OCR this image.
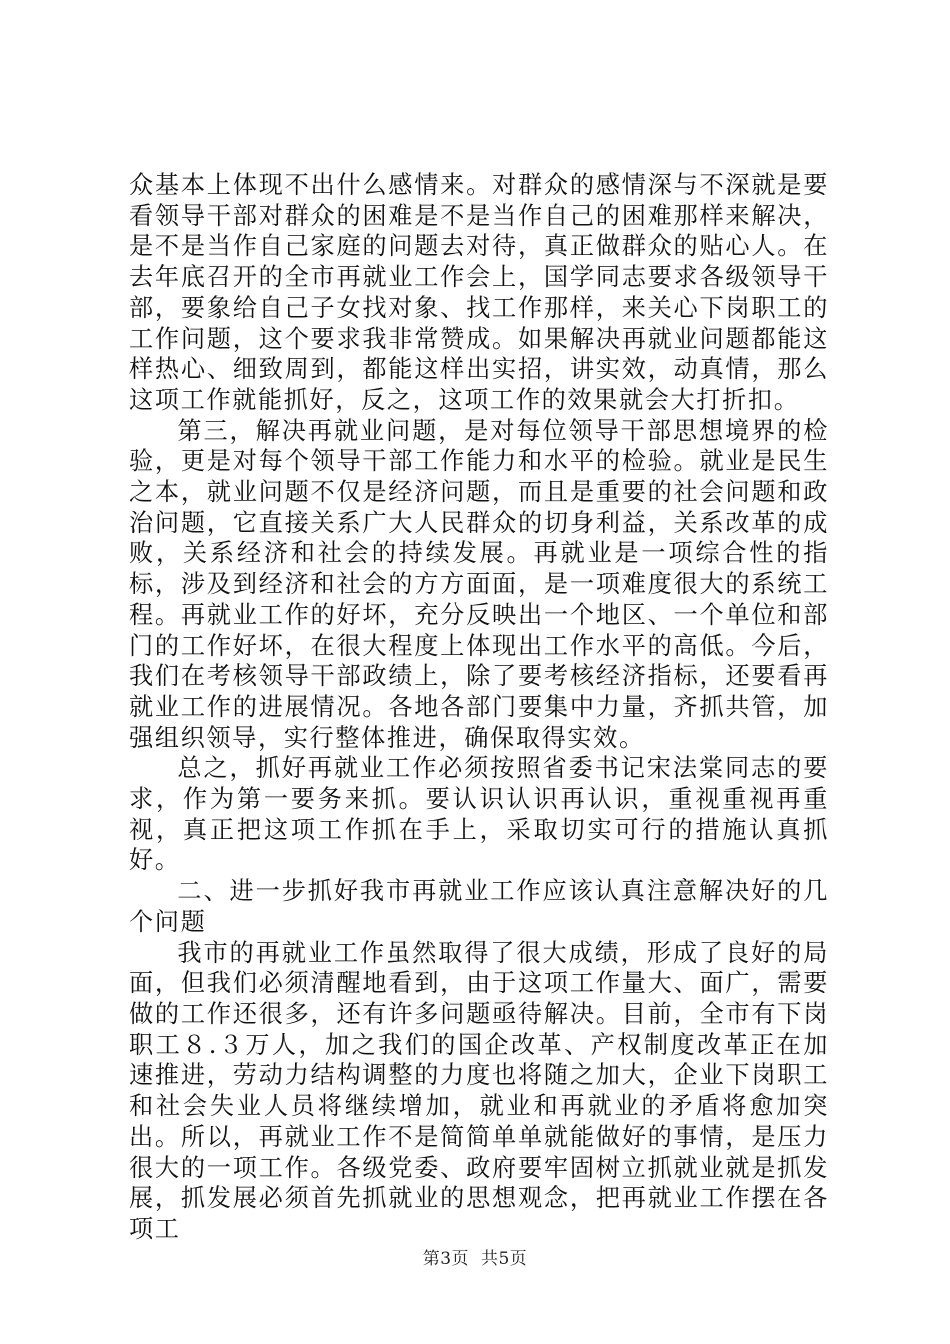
众基本上体现不出什么感情来。对群众的感情深与不深就是要看领导干部对群众的困难是不是当作自己的困难那样来解决，是不是当作自己家庭的问题去对待，真正做群众的贴心人。在去年底召开的全市再就业工作会上，国学同志要求各级领导干部，要象给自己子女找对象、找工作那样，来关心下岗职工的工作问题，这个要求我非常赞成。如果解决再就业问题都能这样热心、细致周到，都能这样出实招，讲实效，动真情，那么这项工作就能抓好，反之，这项工作的效果就会大打折扣。

第三，解决再就业问题，是对每位领导干部思想境界的检验，更是对每个领导干部工作能力和水平的检验。就业是民生之本，就业问题不仅是经济问题，而且是重要的社会问题和政治问题，它直接关系广大人民群众的切身利益，关系改革的成败，关系经济和社会的持续发展。再就业是一项综合性的指标，涉及到经济和社会的方方面面，是一项难度很大的系统工程。再就业工作的好坏，充分反映出一个地区、一个单位和部门的工作好坏，在很大程度上体现出工作水平的高低。今后，我们在考核领导干部政绩上，除了要考核经济指标，还要看再就业工作的进展情况。各地各部门要集中力量，齐抓共管，加强组织领导，实行整体推进，确保取得实效。

总之，抓好再就业工作必须按照省委书记宋法棠同志的要求，作为第一要务来抓。要认识认识再认识，重视重视再重视，真正把这项工作抓在手上，采取切实可行的措施认真抓好。

二、进一步抓好我市再就业工作应该认真注意解决好的几个问题

我市的再就业工作虽然取得了很大成绩，形成了良好的局面，但我们必须清醒地看到，由于这项工作量大、面广，需要做的工作还很多，还有许多问题亟待解决。目前，全市有下岗职工８.３万人，加之我们的国企改革、产权制度改革正在加速推进，劳动力结构调整的力度也将随之加大，企业下岗职工和社会失业人员将继续增加，就业和再就业的矛盾将愈加突出。所以，再就业工作不是简简单单就能做好的事情，是压力很大的一项工作。各级党委、政府要牢固树立抓就业就是抓发展，抓发展必须首先抓就业的思想观念，把再就业工作摆在各项工

第3页 共5页
